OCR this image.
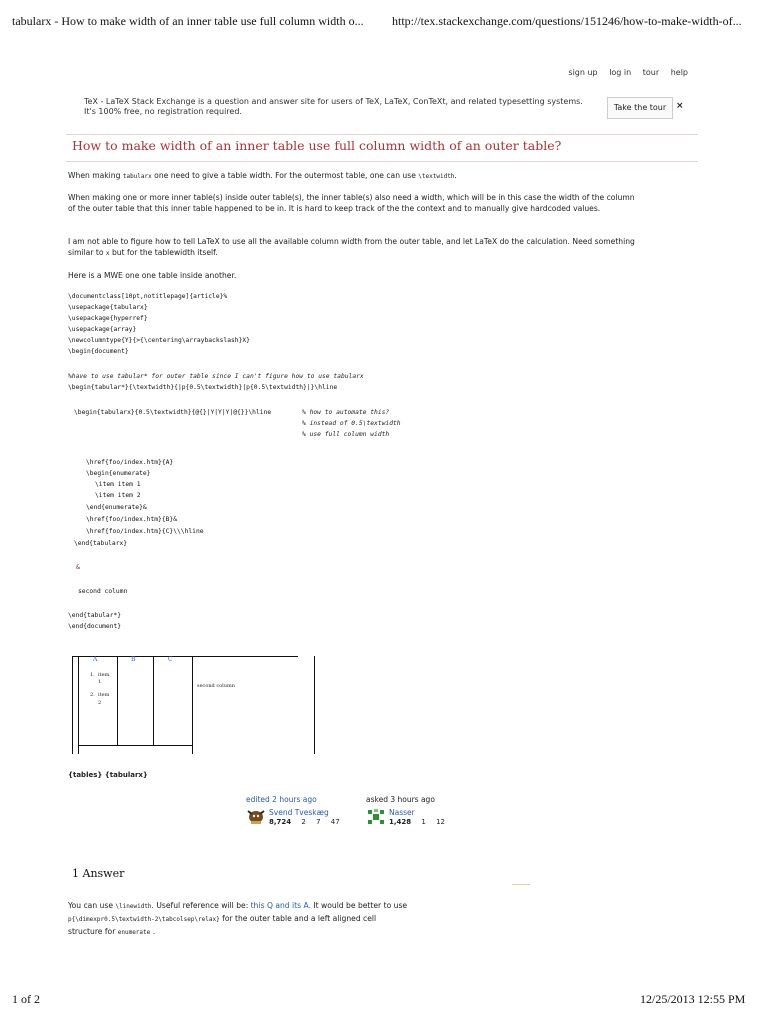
tabularx - How to make width of an inner table use full column width o... http://tex.stackexchange.com/questions/151246/how-to-make-width-of...
sign up log in tour help
TeX - LaTeX Stack Exchange is a question and answer site for users of TeX, LaTeX, ConTeXt, and related typesetting systems. It's 100% free, no registration required.	Take the tour	×
How to make width of an inner table use full column width of an outer table?
When making tabularx one need to give a table width. For the outermost table, one can use \textwidth.
When making one or more inner table(s) inside outer table(s), the inner table(s) also need a width, which will be in this case the width of the column of the outer table that this inner table happened to be in. It is hard to keep track of the the context and to manually give hardcoded values.
I am not able to figure how to tell LaTeX to use all the available column width from the outer table, and let LaTeX do the calculation. Need something similar to x but for the tablewidth itself.
Here is a MWE one one table inside another.
\documentclass[10pt,notitlepage]{article}%
\usepackage{tabularx}
\usepackage{hyperref}
\usepackage{array}
\newcolumntype{Y}{>{\centering\arraybackslash}X}
\begin{document}
%have to use tabular* for outer table since I can't figure how to use tabularx
\begin{tabular*}{\textwidth}{|p{0.5\textwidth}|p{0.5\textwidth}|}\hline
\begin{tabularx}{0.5\textwidth}{@{}|Y|Y|Y|@{}}\hline	% how to automate this?
% instead of 0.5\textwidth
% use full column width
\href{foo/index.htm}{A}
\begin{enumerate}
\item item 1
\item item 2
\end{enumerate}&
\href{foo/index.htm}{B}&
\href{foo/index.htm}{C}\\\hline
\end{tabularx}
&
second column
\end{tabular*}
\end{document}
A	B	C
1. item
1
2. item
2
second column
{tables} {tabularx}
edited 2 hours ago
Svend Tveskæg
8,724 2 7 47
asked 3 hours ago
Nasser
1,428 1 12
1 Answer
You can use \linewidth. Useful reference will be: this Q and its A. It would be better to use
p{\dimexpr0.5\textwidth-2\tabcolsep\relax} for the outer table and a left aligned cell
structure for enumerate .
1 of 2	12/25/2013 12:55 PM
